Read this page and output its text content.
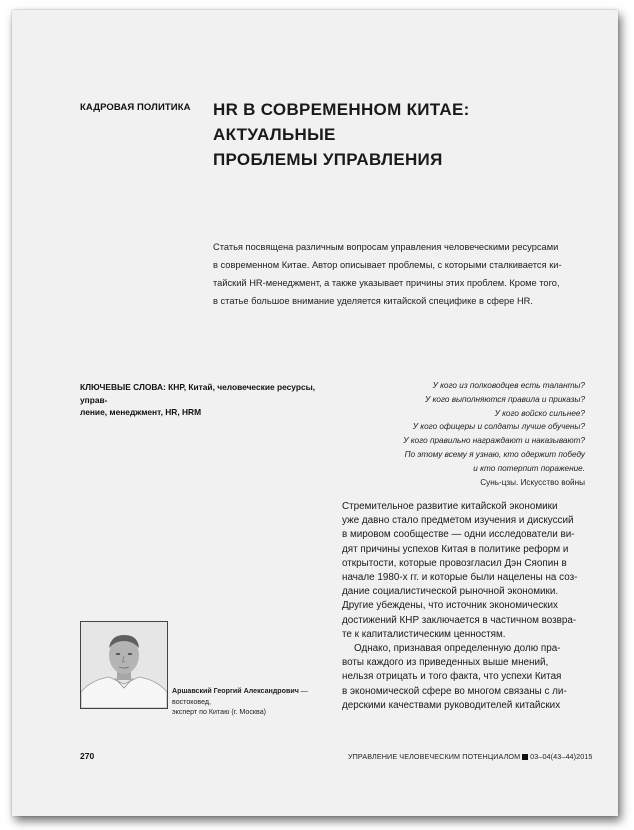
КАДРОВАЯ ПОЛИТИКА	HR В СОВРЕМЕННОМ КИТАЕ: АКТУАЛЬНЫЕ
ПРОБЛЕМЫ УПРАВЛЕНИЯ
Статья посвящена различным вопросам управления человеческими ресурсами
в современном Китае. Автор описывает проблемы, с которыми сталкивается ки-
тайский HR-менеджмент, а также указывает причины этих проблем. Кроме того,
в статье большое внимание уделяется китайской специфике в сфере HR.
КЛЮЧЕВЫЕ СЛОВА: КНР, Китай, человеческие ресурсы, управ-
ление, менеджмент, HR, HRM
У кого из полководцев есть таланты?
У кого выполняются правила и приказы?
У кого войско сильнее?
У кого офицеры и солдаты лучше обучены?
У кого правильно награждают и наказывают?
По этому всему я узнаю, кто одержит победу
и кто потерпит поражение.
Сунь-цзы. Искусство войны

Стремительное развитие китайской экономики
уже давно стало предметом изучения и дискуссий
в мировом сообществе — одни исследователи ви-
дят причины успехов Китая в политике реформ и
открытости, которые провозгласил Дэн Сяопин в
начале 1980-х гг. и которые были нацелены на соз-
дание социалистической рыночной экономики.
Другие убеждены, что источник экономических
достижений КНР заключается в частичном возвра-
те к капиталистическим ценностям.

Однако, признавая определенную долю пра-
воты каждого из приведенных выше мнений,
нельзя отрицать и того факта, что успехи Китая
в экономической сфере во многом связаны с ли-
дерскими качествами руководителей китайских

Аршавский Георгий Александрович — востоковед,
эксперт по Китаю (г. Москва)
270	УПРАВЛЕНИЕ ЧЕЛОВЕЧЕСКИМ ПОТЕНЦИАЛОМ 03–04(43–44)2015
